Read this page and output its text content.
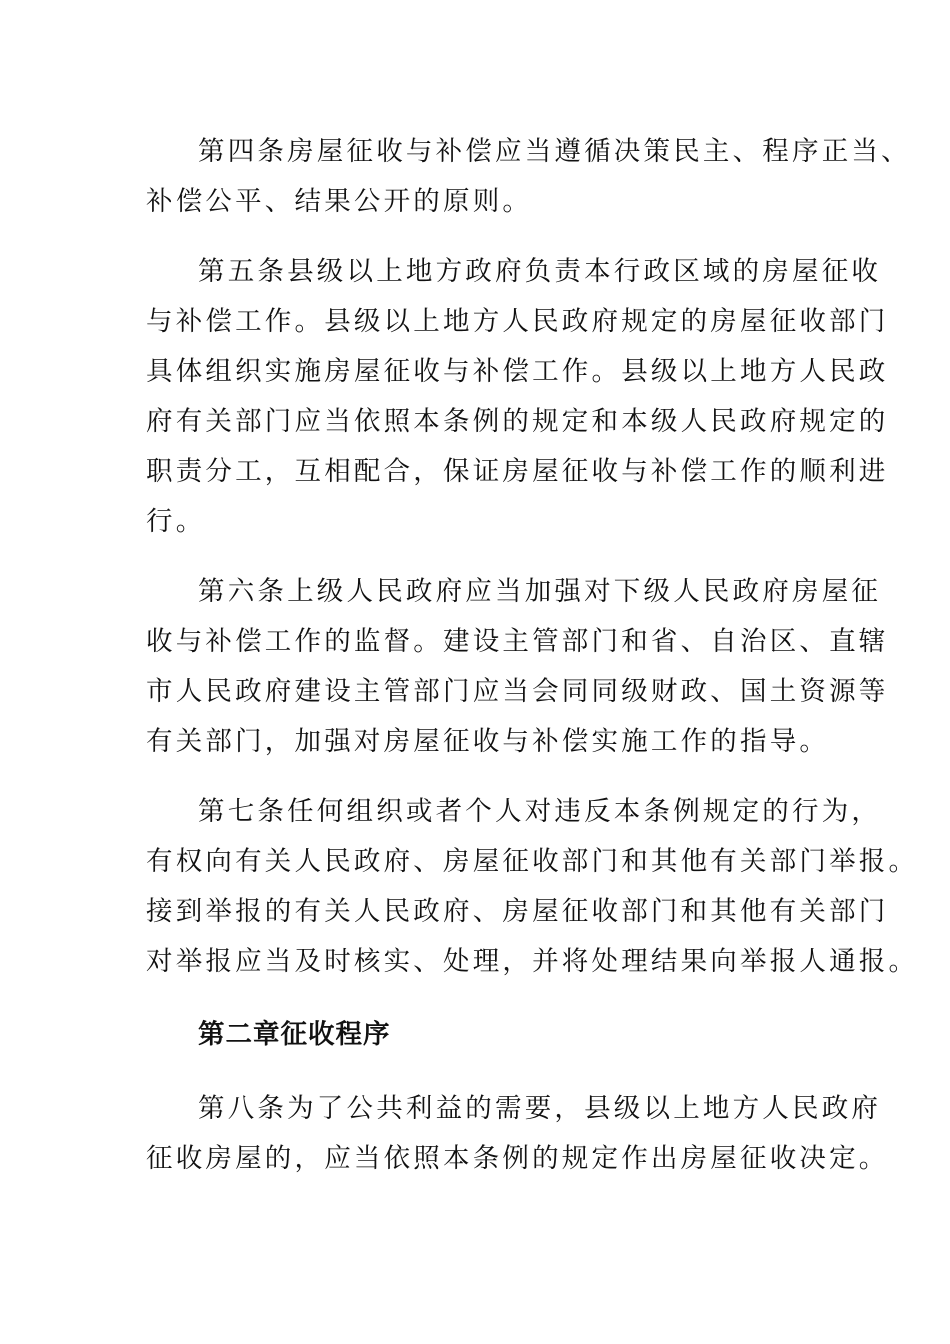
第四条房屋征收与补偿应当遵循决策民主、程序正当、
补偿公平、结果公开的原则。
第五条县级以上地方政府负责本行政区域的房屋征收
与补偿工作。县级以上地方人民政府规定的房屋征收部门
具体组织实施房屋征收与补偿工作。县级以上地方人民政
府有关部门应当依照本条例的规定和本级人民政府规定的
职责分工，互相配合，保证房屋征收与补偿工作的顺利进
行。
第六条上级人民政府应当加强对下级人民政府房屋征
收与补偿工作的监督。建设主管部门和省、自治区、直辖
市人民政府建设主管部门应当会同同级财政、国土资源等
有关部门，加强对房屋征收与补偿实施工作的指导。
第七条任何组织或者个人对违反本条例规定的行为，
有权向有关人民政府、房屋征收部门和其他有关部门举报。
接到举报的有关人民政府、房屋征收部门和其他有关部门
对举报应当及时核实、处理，并将处理结果向举报人通报。
第二章征收程序
第八条为了公共利益的需要，县级以上地方人民政府
征收房屋的，应当依照本条例的规定作出房屋征收决定。
